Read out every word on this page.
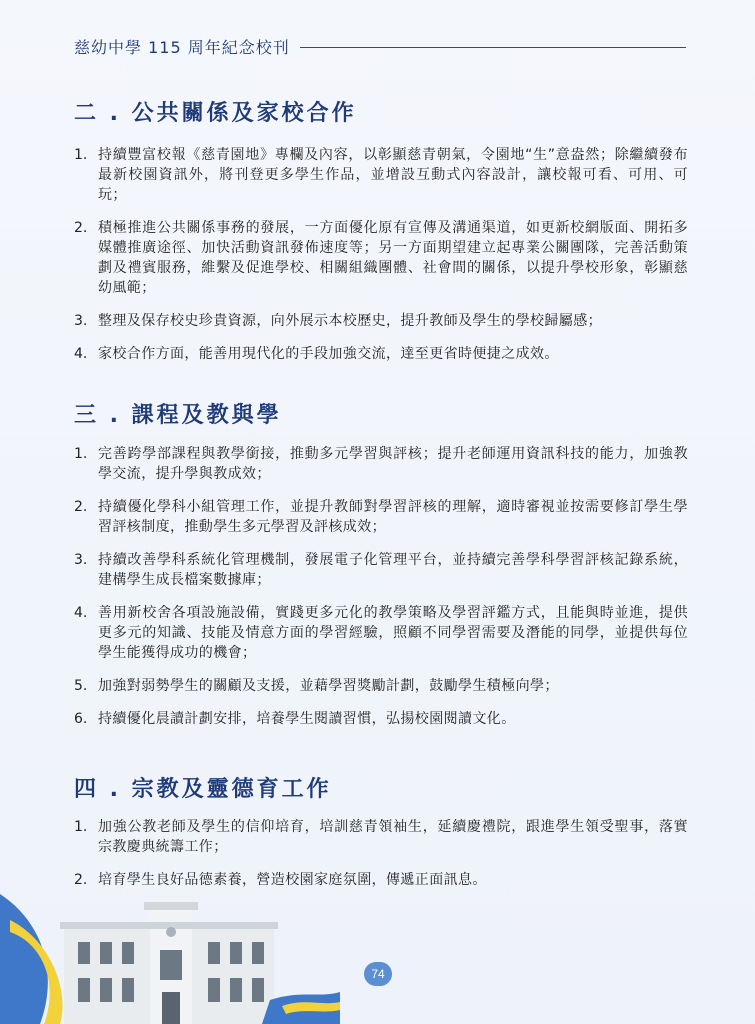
慈幼中學 115 周年紀念校刊
二 . 公共關係及家校合作
1. 持續豐富校報《慈青園地》專欄及內容，以彰顯慈青朝氣，令園地“生”意盎然；除繼續發布最新校園資訊外，將刊登更多學生作品，並增設互動式內容設計，讓校報可看、可用、可玩；
2. 積極推進公共關係事務的發展，一方面優化原有宣傳及溝通渠道，如更新校網版面、開拓多媒體推廣途徑、加快活動資訊發佈速度等；另一方面期望建立起專業公關團隊，完善活動策劃及禮賓服務，維繫及促進學校、相關組織團體、社會間的關係，以提升學校形象，彰顯慈幼風範；
3. 整理及保存校史珍貴資源，向外展示本校歷史，提升教師及學生的學校歸屬感；
4. 家校合作方面，能善用現代化的手段加強交流，達至更省時便捷之成效。
三 . 課程及教與學
1. 完善跨學部課程與教學銜接，推動多元學習與評核；提升老師運用資訊科技的能力，加強教學交流，提升學與教成效；
2. 持續優化學科小組管理工作，並提升教師對學習評核的理解，適時審視並按需要修訂學生學習評核制度，推動學生多元學習及評核成效；
3. 持續改善學科系統化管理機制，發展電子化管理平台，並持續完善學科學習評核記錄系統，建構學生成長檔案數據庫；
4. 善用新校舍各項設施設備，實踐更多元化的教學策略及學習評鑑方式，且能與時並進，提供更多元的知識、技能及情意方面的學習經驗，照顧不同學習需要及潛能的同學，並提供每位學生能獲得成功的機會；
5. 加強對弱勢學生的關顧及支援，並藉學習獎勵計劃，鼓勵學生積極向學；
6. 持續優化晨讀計劃安排，培養學生閱讀習慣，弘揚校園閱讀文化。
四 . 宗教及靈德育工作
1. 加強公教老師及學生的信仰培育，培訓慈青領袖生，延續慶禮院，跟進學生領受聖事，落實宗教慶典統籌工作；
2. 培育學生良好品德素養，營造校園家庭氛圍，傳遞正面訊息。
74
